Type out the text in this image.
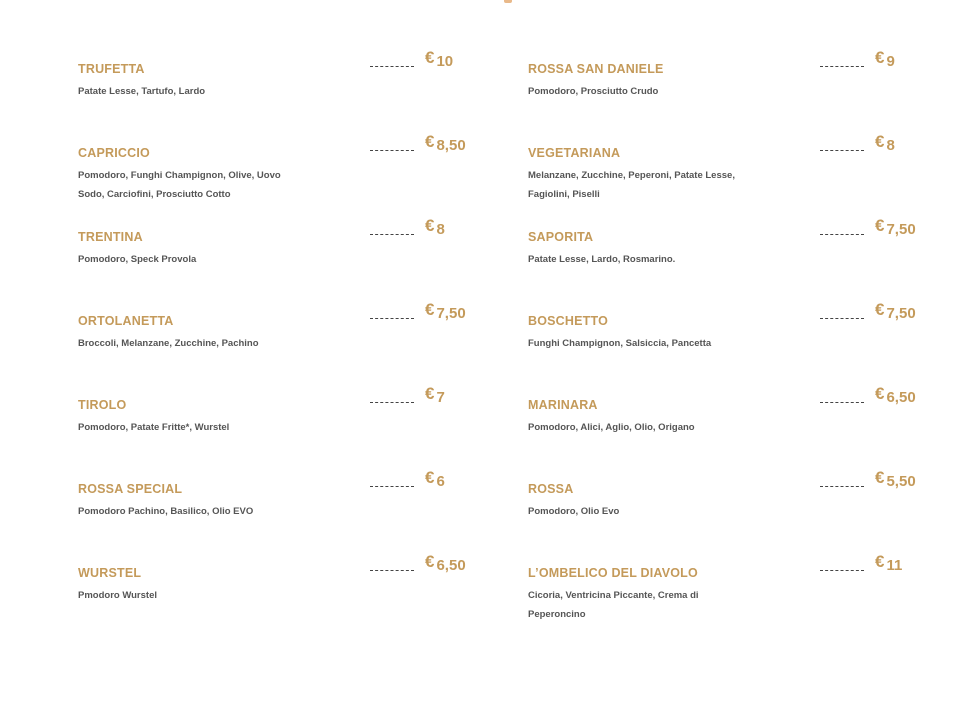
TRUFETTA
Patate Lesse, Tartufo, Lardo
€ 10
CAPRICCIO
Pomodoro, Funghi Champignon, Olive, Uovo Sodo, Carciofini, Prosciutto Cotto
€ 8,50
TRENTINA
Pomodoro, Speck Provola
€ 8
ORTOLANETTA
Broccoli, Melanzane, Zucchine, Pachino
€ 7,50
TIROLO
Pomodoro, Patate Fritte*, Wurstel
€ 7
ROSSA SPECIAL
Pomodoro Pachino, Basilico, Olio EVO
€ 6
WURSTEL
Pmodoro Wurstel
€ 6,50
ROSSA SAN DANIELE
Pomodoro, Prosciutto Crudo
€ 9
VEGETARIANA
Melanzane, Zucchine, Peperoni, Patate Lesse, Fagiolini, Piselli
€ 8
SAPORITA
Patate Lesse, Lardo, Rosmarino.
€ 7,50
BOSCHETTO
Funghi Champignon, Salsiccia, Pancetta
€ 7,50
MARINARA
Pomodoro, Alici, Aglio, Olio, Origano
€ 6,50
ROSSA
Pomodoro, Olio Evo
€ 5,50
L’OMBELICO DEL DIAVOLO
Cicoria, Ventricina Piccante, Crema di Peperoncino
€ 11
